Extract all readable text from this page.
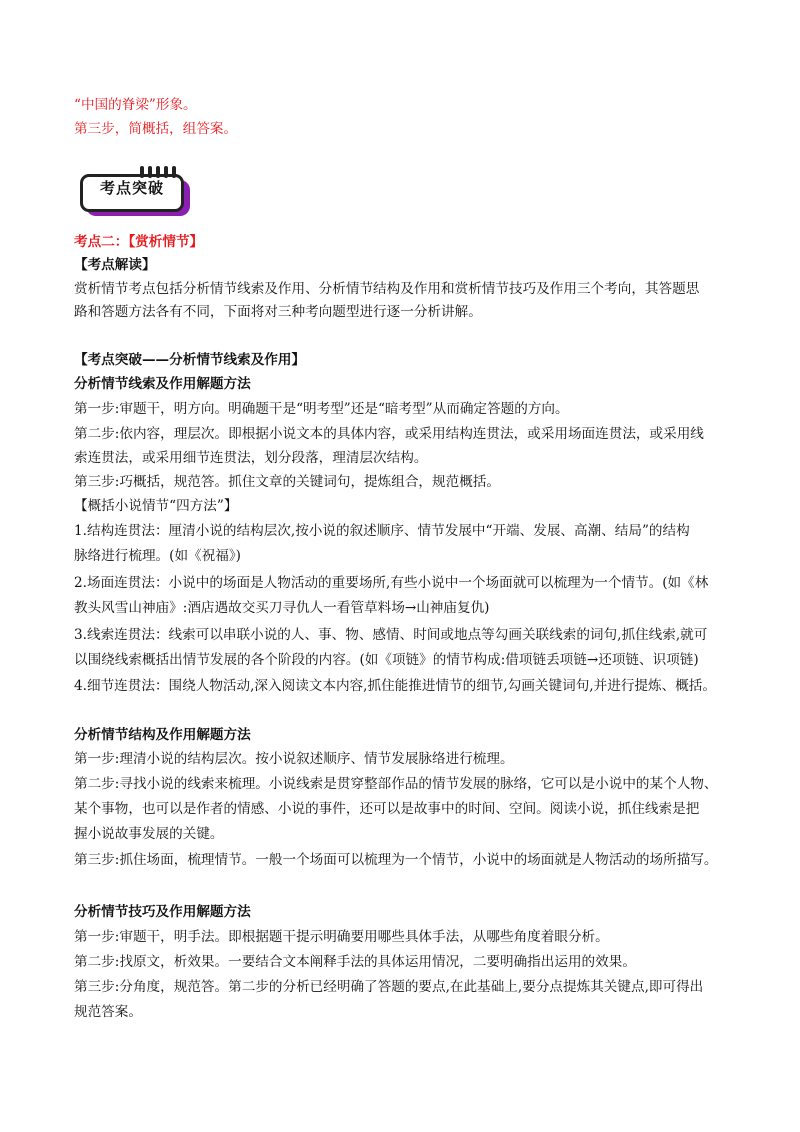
“中国的脊梁”形象。
第三步，简概括，组答案。
考点突破
考点二：【赏析情节】
【考点解读】
赏析情节考点包括分析情节线索及作用、分析情节结构及作用和赏析情节技巧及作用三个考向，其答题思
路和答题方法各有不同，下面将对三种考向题型进行逐一分析讲解。
【考点突破——分析情节线索及作用】
分析情节线索及作用解题方法
第一步:审题干，明方向。明确题干是“明考型”还是“暗考型”从而确定答题的方向。
第二步:依内容，理层次。即根据小说文本的具体内容，或采用结构连贯法，或采用场面连贯法，或采用线
索连贯法，或采用细节连贯法，划分段落，理清层次结构。
第三步:巧概括，规范答。抓住文章的关键词句，提炼组合，规范概括。
【概括小说情节“四方法”】
1.结构连贯法：厘清小说的结构层次,按小说的叙述顺序、情节发展中“开端、发展、高潮、结局”的结构
脉络进行梳理。(如《祝福》)
2.场面连贯法：小说中的场面是人物活动的重要场所,有些小说中一个场面就可以梳理为一个情节。(如《林
教头风雪山神庙》:酒店遇故交买刀寻仇人一看管草料场→山神庙复仇)
3.线索连贯法：线索可以串联小说的人、事、物、感情、时间或地点等勾画关联线索的词句,抓住线索,就可
以围绕线索概括出情节发展的各个阶段的内容。(如《项链》的情节构成:借项链丢项链→还项链、识项链)
4.细节连贯法：围绕人物活动,深入阅读文本内容,抓住能推进情节的细节,勾画关键词句,并进行提炼、概括。
分析情节结构及作用解题方法
第一步:理清小说的结构层次。按小说叙述顺序、情节发展脉络进行梳理。
第二步:寻找小说的线索来梳理。小说线索是贯穿整部作品的情节发展的脉络，它可以是小说中的某个人物、
某个事物，也可以是作者的情感、小说的事件，还可以是故事中的时间、空间。阅读小说，抓住线索是把
握小说故事发展的关键。
第三步:抓住场面，梳理情节。一般一个场面可以梳理为一个情节，小说中的场面就是人物活动的场所描写。
分析情节技巧及作用解题方法
第一步:审题干，明手法。即根据题干提示明确要用哪些具体手法，从哪些角度着眼分析。
第二步:找原文，析效果。一要结合文本阐释手法的具体运用情况，二要明确指出运用的效果。
第三步:分角度，规范答。第二步的分析已经明确了答题的要点,在此基础上,要分点提炼其关键点,即可得出
规范答案。
